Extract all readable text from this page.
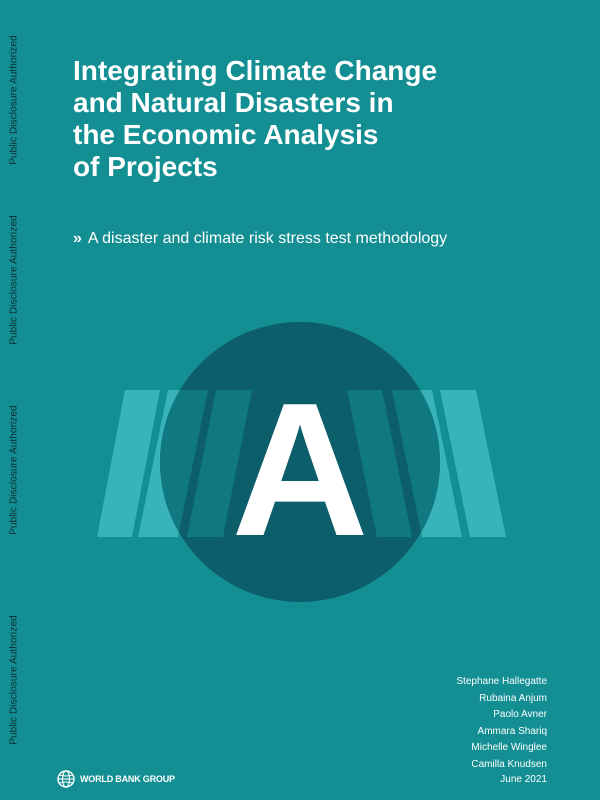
Public Disclosure Authorized
Public Disclosure Authorized
Public Disclosure Authorized
Public Disclosure Authorized
Integrating Climate Change
and Natural Disasters in
the Economic Analysis
of Projects
» A disaster and climate risk stress test methodology
A
Stephane Hallegatte
Rubaina Anjum
Paolo Avner
Ammara Shariq
Michelle Winglee
Camilla Knudsen
WORLD BANK GROUP	June 2021
